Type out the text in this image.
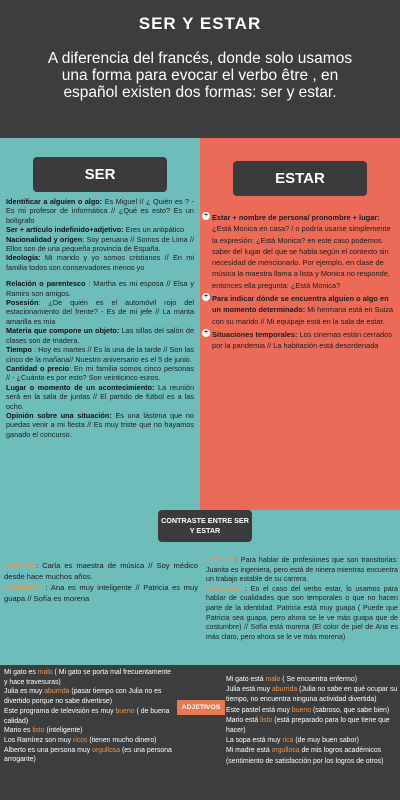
SER Y ESTAR
A diferencia del francés, donde solo usamos una forma para evocar el verbo être , en español existen dos formas: ser y estar.
SER	ESTAR
Identificar a alguien o algo: Es Miguel // ¿ Quién es ? - Es mi profesor de informática // ¿Qué es esto? Es un bolígrafo
Ser + artículo indefinido+adjetivo: Eres un antipático
Nacionalidad y origen: Soy peruana // Somos de Lima // Ellos son de una pequeña provincia de España.
Ideología: Mi marido y yo somos cristianos // En mi familia todos son conservadores menos yo
Relación o parentesco : Martha es mi esposa // Elsa y Ramiro son amigos.
Posesión: ¿De quién es el automóvil rojo del estacionamiento del frente? - Es de mi jefe // La manta amarilla es mía
Materia que compone un objeto: Las sillas del salón de clases son de madera.
Tiempo : Hoy es martes // Es la una de la tarde // Son las cinco de la mañana// Nuestro aniversario es el 5 de junio.
Cantidad o precio: En mi familia somos cinco personas // - ¿Cuánto es por esto? Son veinticinco euros.
Lugar o momento de un acontecimiento: La reunión será en la sala de juntas // El partido de fútbol es a las ocho.
Opinión sobre una situación: Es una lástima que no puedas venir a mi fiesta // Es muy triste que no hayamos ganado el concurso.
+ Estar + nombre de persona/ pronombre + lugar: ¿Está Monica en casa? / o podría usarse simplemente la expresión: ¿Está Monica? en este caso podemos saber del lugar del que se habla según el contexto sin necesidad de mencionarlo. Por ejemplo, en clase de música la maestra llama a lista y Monica no responde, entonces ella pregunta: ¿Está Monica?
+ Para indicar dónde se encuentra alguien o algo en un momento determinado: Mi hermana está en Suiza con su marido // Mi equipaje está en la sala de estar.
+ Situaciones temporales: Los cinemas están cerrados por la pandemia // La habitación está desordenada
CONTRASTE ENTRE SER Y ESTAR
Profesión: Carla es maestra de música // Soy médico desde hace muchos años.
Cualidades : Ana es muy inteligente // Patricia es muy guapa // Sofía es morena
Profesión: Para hablar de profesiones que son transitorias: Juanita es ingeniera, pero está de ninera mientras encuentra un trabajo estable de su carrera.
Cualidades : En el caso del verbo estar, lo usamos para hablar de cualidades que son temporales o que no hacen parte de la identidad. Patricia está muy guapa ( Puede que Patricia sea guapa, pero ahora se le ve más guapa que de costumbre) // Sofía está morena (El color de piel de Ana es más claro, pero ahora se le ve más morena)
ADJETIVOS
Mi gato es malo ( Mi gato se porta mal frecuentamente y hace travesuras)
Julia es muy aburrida (pasar tiempo con Julia no es divertido porque no sabe divertirse)
Este programa de televisión es muy bueno ( de buena calidad)
Mario es listo (inteligente)
Los Ramírez son muy ricos (tienen mucho dinero)
Alberto es una persona muy orgullosa (es una persona arrogante)
Mi gato está malo ( Se encuentra enfermo)
Julia está muy aburrida (Julia no sabe en qué ocupar su tiempo, no encuentra ninguna actividad divertida)
Este pastel está muy bueno (sabroso, que sabe bien)
Mario está listo (está preparado para lo que tiene que hacer)
La sopa está muy rica (de muy buen sabor)
Mi madre está orgullosa de mis logros académicos (sentimiento de satisfacción por los logros de otros)
